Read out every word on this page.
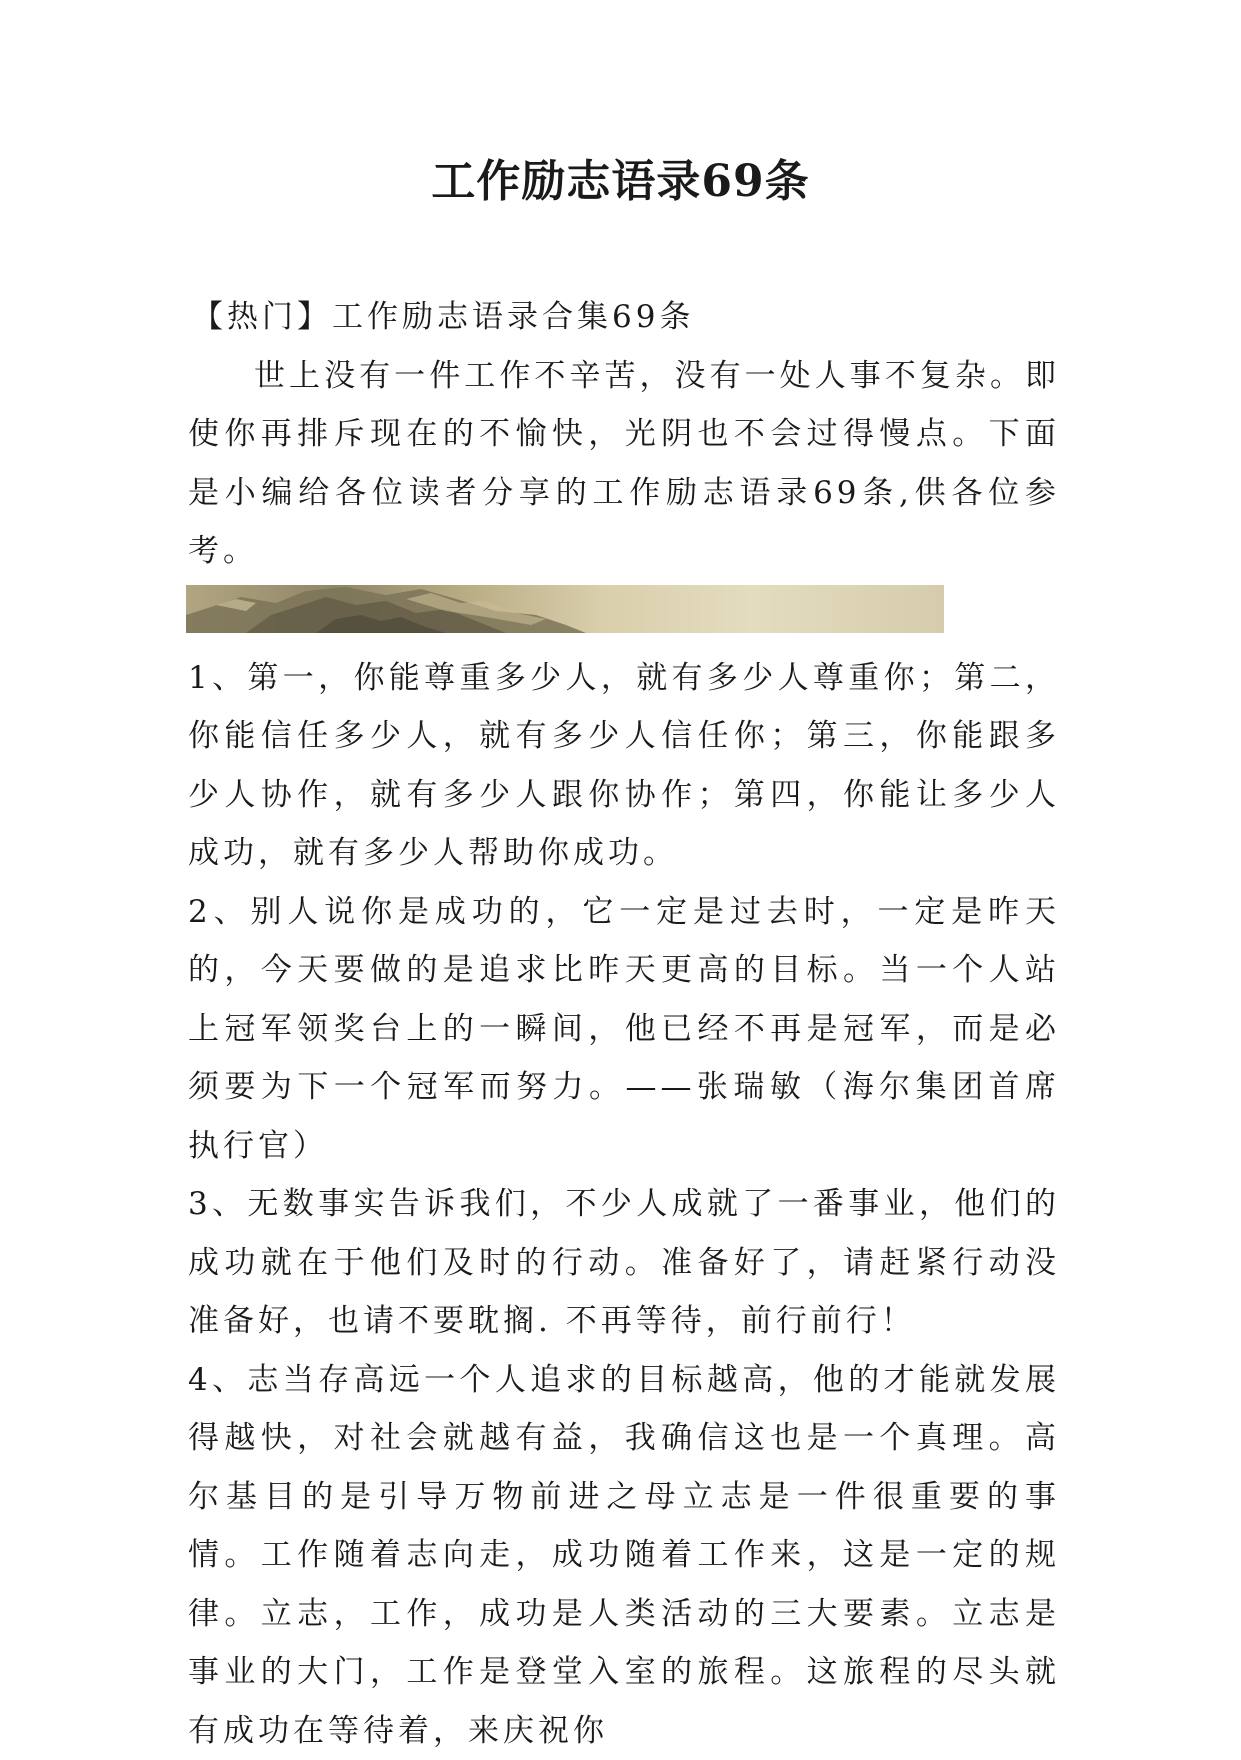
工作励志语录69条
【热门】工作励志语录合集69条

世上没有一件工作不辛苦，没有一处人事不复杂。即使你再排斥现在的不愉快，光阴也不会过得慢点。下面是小编给各位读者分享的工作励志语录69条,供各位参考。

1、第一，你能尊重多少人，就有多少人尊重你；第二，你能信任多少人，就有多少人信任你；第三，你能跟多少人协作，就有多少人跟你协作；第四，你能让多少人成功，就有多少人帮助你成功。

2、别人说你是成功的，它一定是过去时，一定是昨天的，今天要做的是追求比昨天更高的目标。当一个人站上冠军领奖台上的一瞬间，他已经不再是冠军，而是必须要为下一个冠军而努力。——张瑞敏（海尔集团首席执行官）

3、无数事实告诉我们，不少人成就了一番事业，他们的成功就在于他们及时的行动。准备好了，请赶紧行动没准备好，也请不要耽搁. 不再等待，前行前行！

4、志当存高远一个人追求的目标越高，他的才能就发展得越快，对社会就越有益，我确信这也是一个真理。高尔基目的是引导万物前进之母立志是一件很重要的事情。工作随着志向走，成功随着工作来，这是一定的规律。立志，工作，成功是人类活动的三大要素。立志是事业的大门，工作是登堂入室的旅程。这旅程的尽头就有成功在等待着，来庆祝你
